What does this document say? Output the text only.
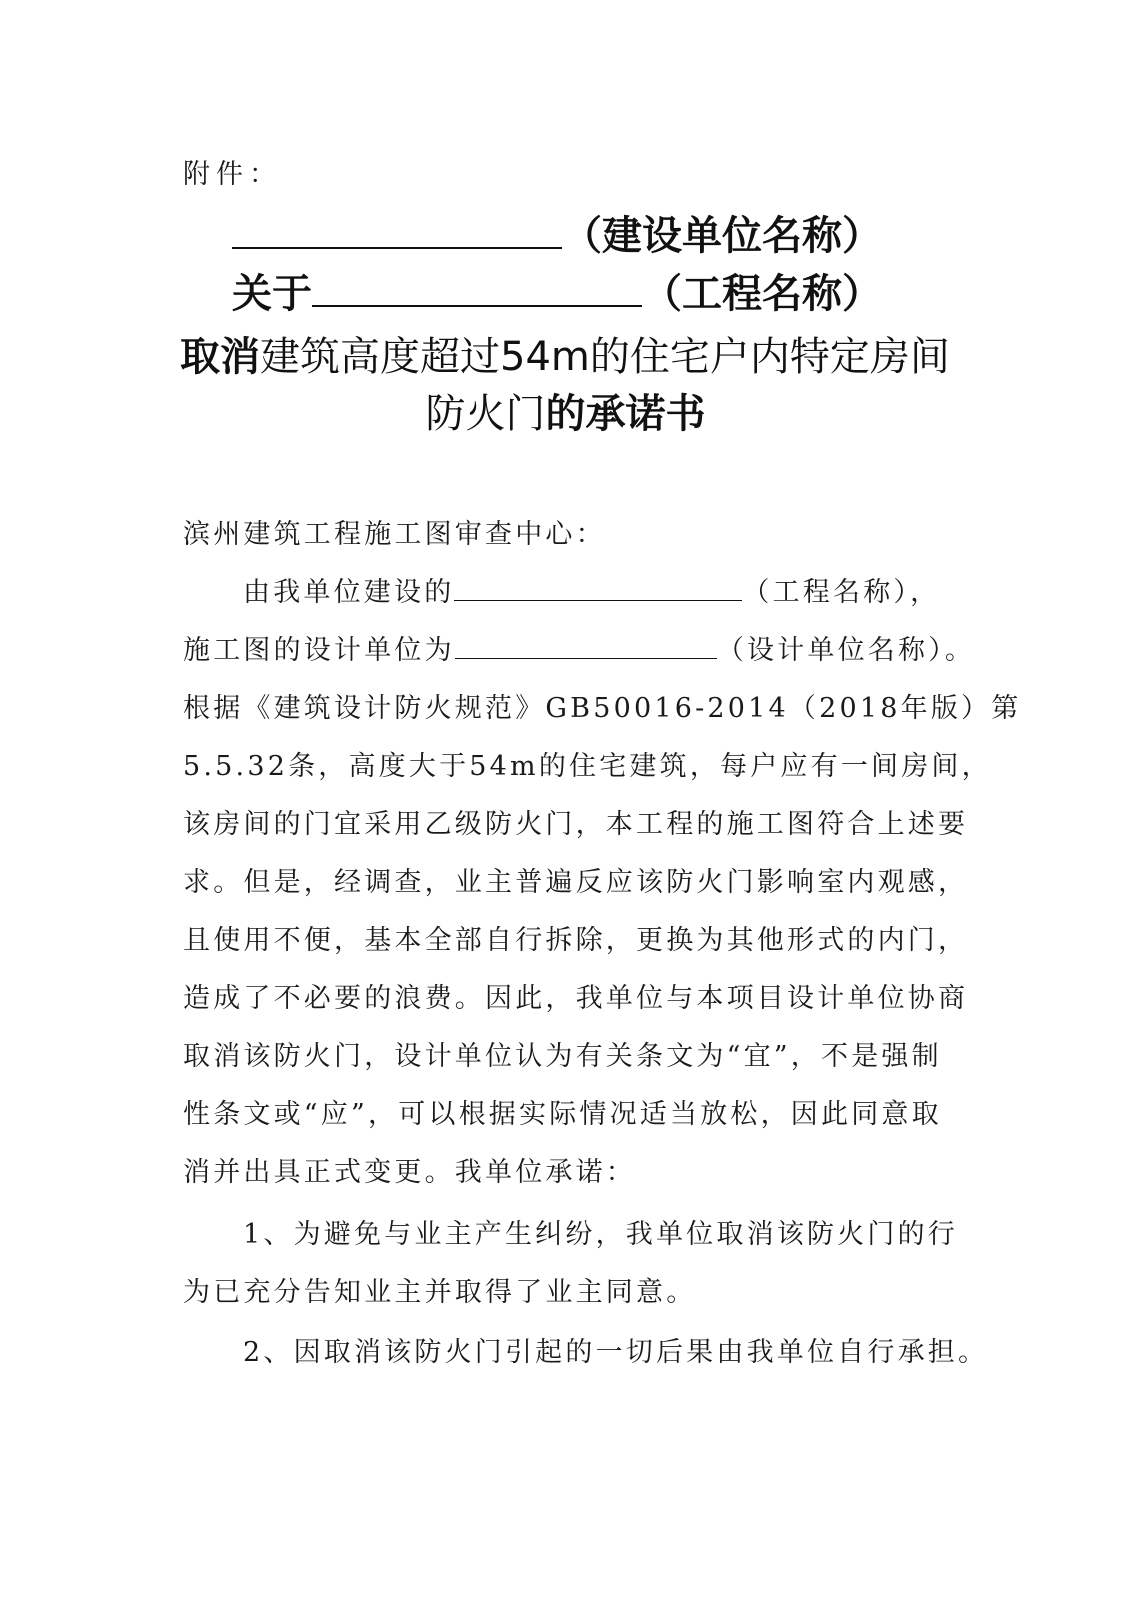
附件：
（建设单位名称）
关于	（工程名称）
取消建筑高度超过54m的住宅户内特定房间
防火门的承诺书
滨州建筑工程施工图审查中心：
由我单位建设的	（工程名称），
施工图的设计单位为	（设计单位名称）。
根据《建筑设计防火规范》GB50016-2014（2018年版）第
5.5.32条，高度大于54m的住宅建筑，每户应有一间房间，
该房间的门宜采用乙级防火门，本工程的施工图符合上述要
求。但是，经调查，业主普遍反应该防火门影响室内观感，
且使用不便，基本全部自行拆除，更换为其他形式的内门，
造成了不必要的浪费。因此，我单位与本项目设计单位协商
取消该防火门，设计单位认为有关条文为“宜”，不是强制
性条文或“应”，可以根据实际情况适当放松，因此同意取
消并出具正式变更。我单位承诺：
1、为避免与业主产生纠纷，我单位取消该防火门的行
为已充分告知业主并取得了业主同意。
2、因取消该防火门引起的一切后果由我单位自行承担。
